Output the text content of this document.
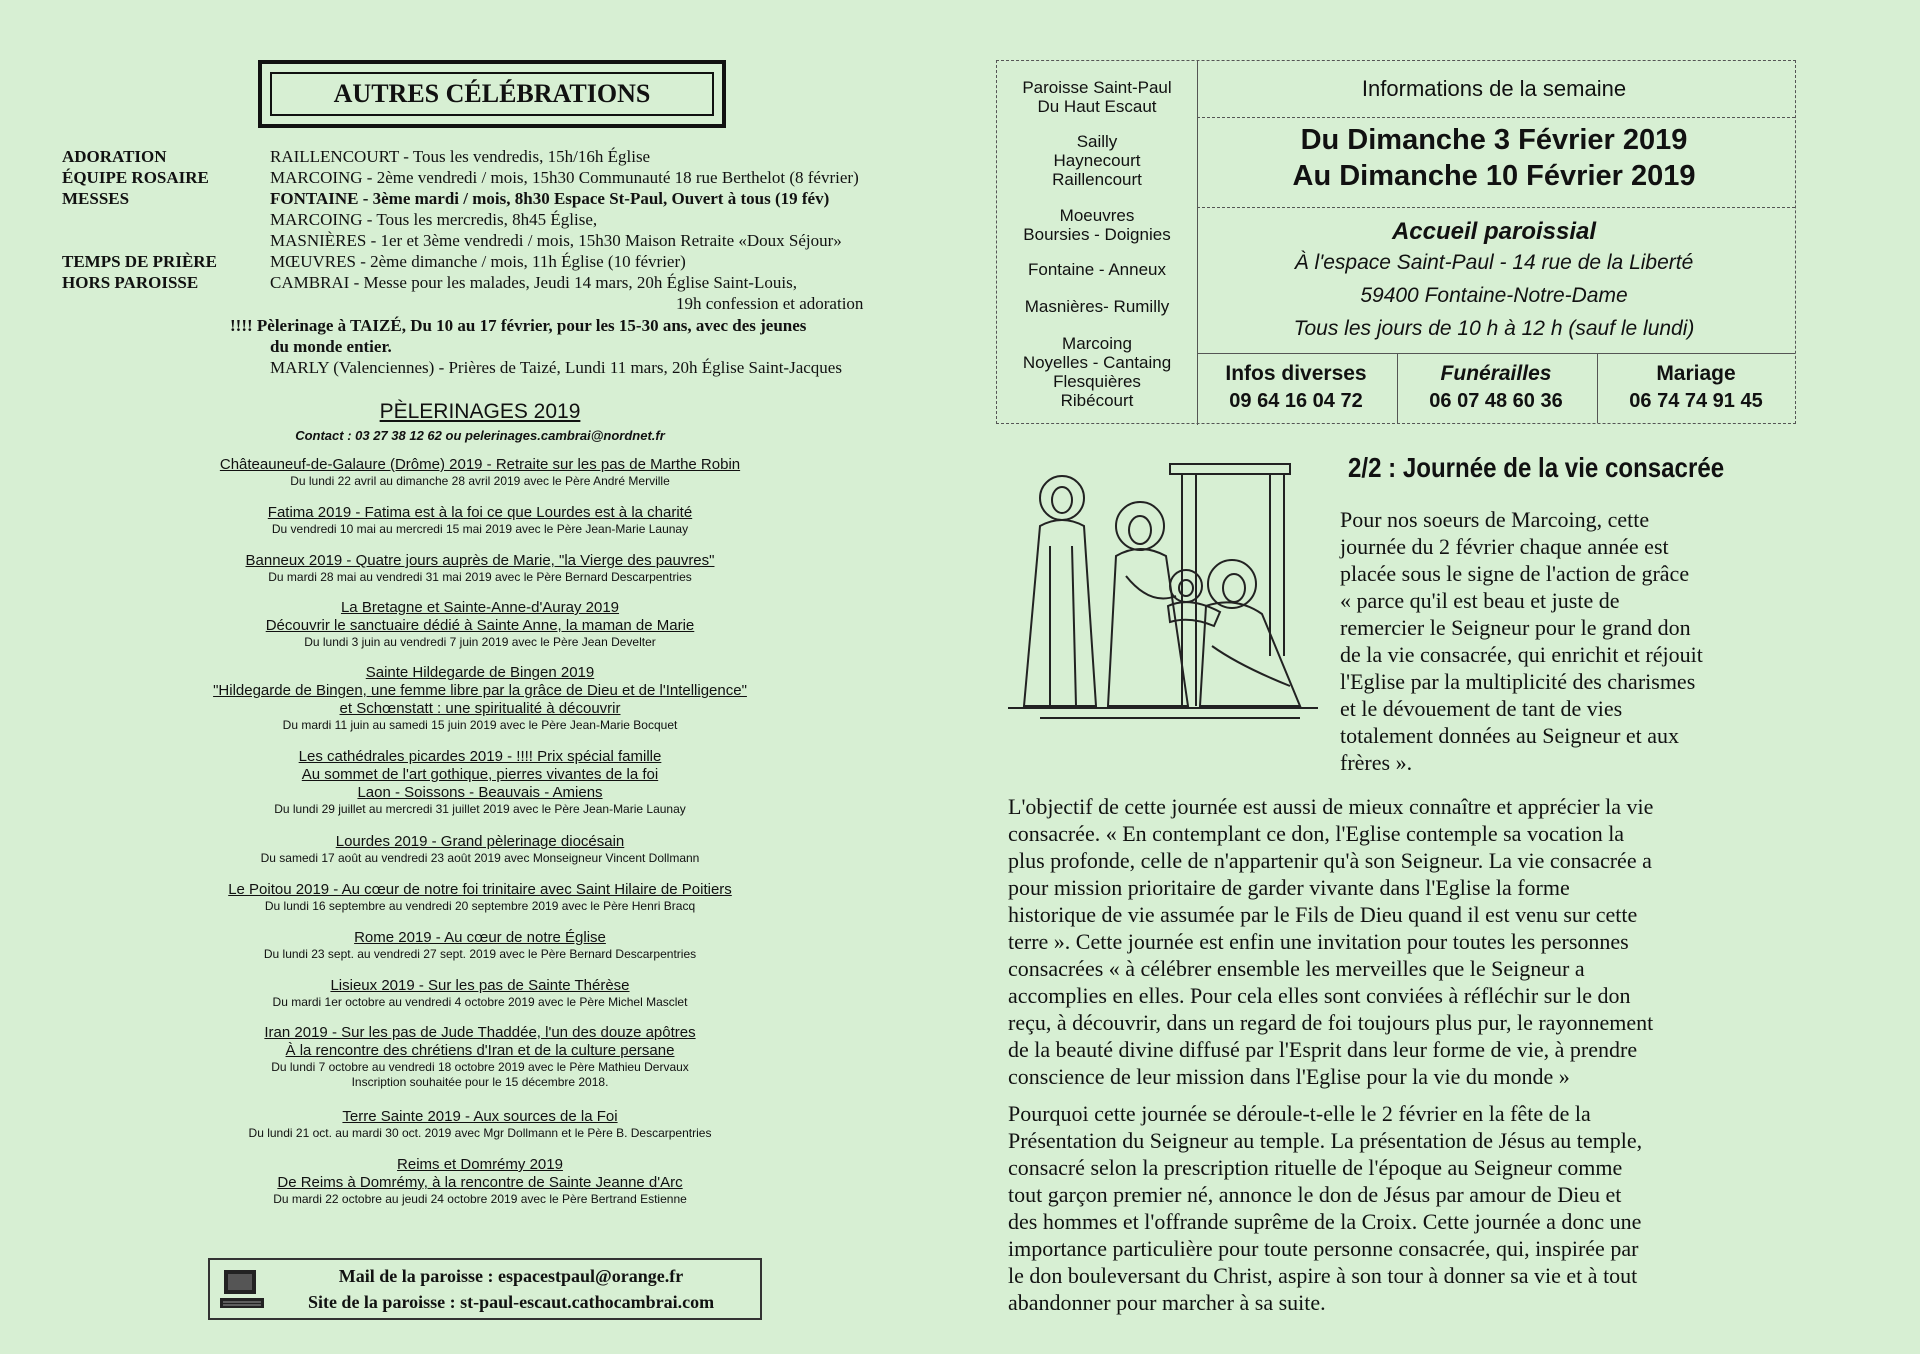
AUTRES CÉLÉBRATIONS
ADORATION
ÉQUIPE ROSAIRE
MESSES
TEMPS DE PRIÈRE
HORS PAROISSE
RAILLENCOURT - Tous les vendredis, 15h/16h Église
MARCOING - 2ème vendredi / mois, 15h30 Communauté 18 rue Berthelot (8 février)
FONTAINE - 3ème mardi / mois, 8h30 Espace St-Paul, Ouvert à tous (19 fév)
MARCOING - Tous les mercredis, 8h45 Église,
MASNIÈRES - 1er et 3ème vendredi / mois, 15h30 Maison Retraite «Doux Séjour»
MŒUVRES - 2ème dimanche / mois, 11h Église (10 février)
CAMBRAI - Messe pour les malades, Jeudi 14 mars, 20h Église Saint-Louis,
19h confession et adoration
!!!! Pèlerinage à TAIZÉ, Du 10 au 17 février, pour les 15-30 ans, avec des jeunes
du monde entier.
MARLY (Valenciennes) - Prières de Taizé, Lundi 11 mars, 20h Église Saint-Jacques
PÈLERINAGES 2019
Contact : 03 27 38 12 62 ou pelerinages.cambrai@nordnet.fr
Châteauneuf-de-Galaure (Drôme) 2019 - Retraite sur les pas de Marthe Robin
Du lundi 22 avril au dimanche 28 avril 2019 avec le Père André Merville
Fatima 2019 - Fatima est à la foi ce que Lourdes est à la charité
Du vendredi 10 mai au mercredi 15 mai 2019 avec le Père Jean-Marie Launay
Banneux 2019 - Quatre jours auprès de Marie, "la Vierge des pauvres"
Du mardi 28 mai au vendredi 31 mai 2019 avec le Père Bernard Descarpentries
La Bretagne et Sainte-Anne-d'Auray 2019
Découvrir le sanctuaire dédié à Sainte Anne, la maman de Marie
Du lundi 3 juin au vendredi 7 juin 2019 avec le Père Jean Develter
Sainte Hildegarde de Bingen 2019
"Hildegarde de Bingen, une femme libre par la grâce de Dieu et de l'Intelligence"
et Schœnstatt : une spiritualité à découvrir
Du mardi 11 juin au samedi 15 juin 2019 avec le Père Jean-Marie Bocquet
Les cathédrales picardes 2019 - !!!! Prix spécial famille
Au sommet de l'art gothique, pierres vivantes de la foi
Laon - Soissons - Beauvais - Amiens
Du lundi 29 juillet au mercredi 31 juillet 2019 avec le Père Jean-Marie Launay
Lourdes 2019 - Grand pèlerinage diocésain
Du samedi 17 août au vendredi 23 août 2019 avec Monseigneur Vincent Dollmann
Le Poitou 2019 - Au cœur de notre foi trinitaire avec Saint Hilaire de Poitiers
Du lundi 16 septembre au vendredi 20 septembre 2019 avec le Père Henri Bracq
Rome 2019 - Au cœur de notre Église
Du lundi 23 sept. au vendredi 27 sept. 2019 avec le Père Bernard Descarpentries
Lisieux 2019 - Sur les pas de Sainte Thérèse
Du mardi 1er octobre au vendredi 4 octobre 2019 avec le Père Michel Masclet
Iran 2019 - Sur les pas de Jude Thaddée, l'un des douze apôtres
À la rencontre des chrétiens d'Iran et de la culture persane
Du lundi 7 octobre au vendredi 18 octobre 2019 avec le Père Mathieu Dervaux
Inscription souhaitée pour le 15 décembre 2018.
Terre Sainte 2019 - Aux sources de la Foi
Du lundi 21 oct. au mardi 30 oct. 2019 avec Mgr Dollmann et le Père B. Descarpentries
Reims et Domrémy 2019
De Reims à Domrémy, à la rencontre de Sainte Jeanne d'Arc
Du mardi 22 octobre au jeudi 24 octobre 2019 avec le Père Bertrand Estienne
Mail de la paroisse : espacestpaul@orange.fr
Site de la paroisse : st-paul-escaut.cathocambrai.com
Paroisse Saint-Paul
Du Haut Escaut
Sailly
Haynecourt
Raillencourt
Moeuvres
Boursies - Doignies
Fontaine - Anneux
Masnières- Rumilly
Marcoing
Noyelles - Cantaing
Flesquières
Ribécourt
Informations de la semaine
Du Dimanche 3 Février 2019
Au Dimanche 10 Février 2019
Accueil paroissial
À l'espace Saint-Paul - 14 rue de la Liberté
59400 Fontaine-Notre-Dame
Tous les jours de 10 h à 12 h (sauf le lundi)
Infos diverses
09 64 16 04 72
Funérailles
06 07 48 60 36
Mariage
06 74 74 91 45
2/2 : Journée de la vie consacrée
Pour nos soeurs de Marcoing, cette
journée du 2 février chaque année est
placée sous le signe de l'action de grâce
« parce qu'il est beau et juste de
remercier le Seigneur pour le grand don
de la vie consacrée, qui enrichit et réjouit
l'Eglise par la multiplicité des charismes
et le dévouement de tant de vies
totalement données au Seigneur et aux
frères ».
L'objectif de cette journée est aussi de mieux connaître et apprécier la vie
consacrée. « En contemplant ce don, l'Eglise contemple sa vocation la
plus profonde, celle de n'appartenir qu'à son Seigneur. La vie consacrée a
pour mission prioritaire de garder vivante dans l'Eglise la forme
historique de vie assumée par le Fils de Dieu quand il est venu sur cette
terre ». Cette journée est enfin une invitation pour toutes les personnes
consacrées « à célébrer ensemble les merveilles que le Seigneur a
accomplies en elles. Pour cela elles sont conviées à réfléchir sur le don
reçu, à découvrir, dans un regard de foi toujours plus pur, le rayonnement
de la beauté divine diffusé par l'Esprit dans leur forme de vie, à prendre
conscience de leur mission dans l'Eglise pour la vie du monde »
Pourquoi cette journée se déroule-t-elle le 2 février en la fête de la
Présentation du Seigneur au temple. La présentation de Jésus au temple,
consacré selon la prescription rituelle de l'époque au Seigneur comme
tout garçon premier né, annonce le don de Jésus par amour de Dieu et
des hommes et l'offrande suprême de la Croix. Cette journée a donc une
importance particulière pour toute personne consacrée, qui, inspirée par
le don bouleversant du Christ, aspire à son tour à donner sa vie et à tout
abandonner pour marcher à sa suite.
